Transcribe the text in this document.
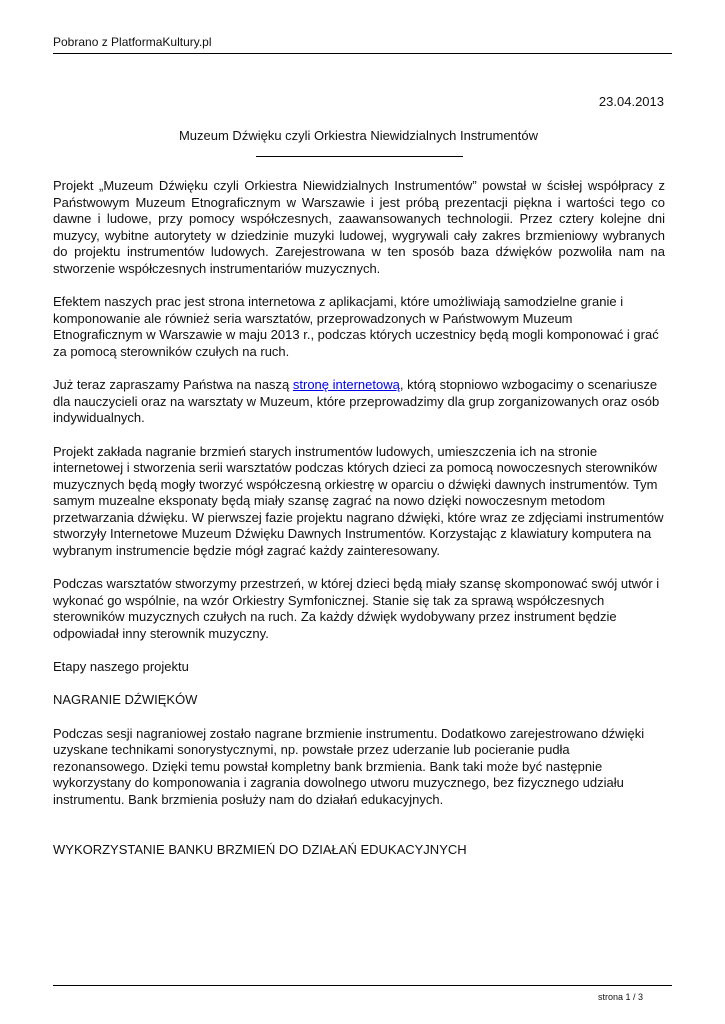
Pobrano z PlatformaKultury.pl
23.04.2013
Muzeum Dźwięku czyli Orkiestra Niewidzialnych Instrumentów

Projekt „Muzeum Dźwięku czyli Orkiestra Niewidzialnych Instrumentów” powstał w ścisłej współpracy z Państwowym Muzeum Etnograficznym w Warszawie i jest próbą prezentacji piękna i wartości tego co dawne i ludowe, przy pomocy współczesnych, zaawansowanych technologii. Przez cztery kolejne dni muzycy, wybitne autorytety w dziedzinie muzyki ludowej, wygrywali cały zakres brzmieniowy wybranych do projektu instrumentów ludowych. Zarejestrowana w ten sposób baza dźwięków pozwoliła nam na stworzenie współczesnych instrumentariów muzycznych.

Efektem naszych prac jest strona internetowa z aplikacjami, które umożliwiają samodzielne granie i komponowanie ale również seria warsztatów, przeprowadzonych w Państwowym Muzeum Etnograficznym w Warszawie w maju 2013 r., podczas których uczestnicy będą mogli komponować i grać za pomocą sterowników czułych na ruch.

Już teraz zapraszamy Państwa na naszą stronę internetową, którą stopniowo wzbogacimy o scenariusze dla nauczycieli oraz na warsztaty w Muzeum, które przeprowadzimy dla grup zorganizowanych oraz osób indywidualnych.

Projekt zakłada nagranie brzmień starych instrumentów ludowych, umieszczenia ich na stronie internetowej i stworzenia serii warsztatów podczas których dzieci za pomocą nowoczesnych sterowników muzycznych będą mogły tworzyć współczesną orkiestrę w oparciu o dźwięki dawnych instrumentów. Tym samym muzealne eksponaty będą miały szansę zagrać na nowo dzięki nowoczesnym metodom przetwarzania dźwięku. W pierwszej fazie projektu nagrano dźwięki, które wraz ze zdjęciami instrumentów stworzyły Internetowe Muzeum Dźwięku Dawnych Instrumentów. Korzystając z klawiatury komputera na wybranym instrumencie będzie mógł zagrać każdy zainteresowany.

Podczas warsztatów stworzymy przestrzeń, w której dzieci będą miały szansę skomponować swój utwór i wykonać go wspólnie, na wzór Orkiestry Symfonicznej. Stanie się tak za sprawą współczesnych sterowników muzycznych czułych na ruch. Za każdy dźwięk wydobywany przez instrument będzie odpowiadał inny sterownik muzyczny.

Etapy naszego projektu

NAGRANIE DŹWIĘKÓW

Podczas sesji nagraniowej zostało nagrane brzmienie instrumentu. Dodatkowo zarejestrowano dźwięki uzyskane technikami sonorystycznymi, np. powstałe przez uderzanie lub pocieranie pudła rezonansowego. Dzięki temu powstał kompletny bank brzmienia. Bank taki może być następnie wykorzystany do komponowania i zagrania dowolnego utworu muzycznego, bez fizycznego udziału instrumentu. Bank brzmienia posłuży nam do działań edukacyjnych.

WYKORZYSTANIE BANKU BRZMIEŃ DO DZIAŁAŃ EDUKACYJNYCH

strona 1 / 3
